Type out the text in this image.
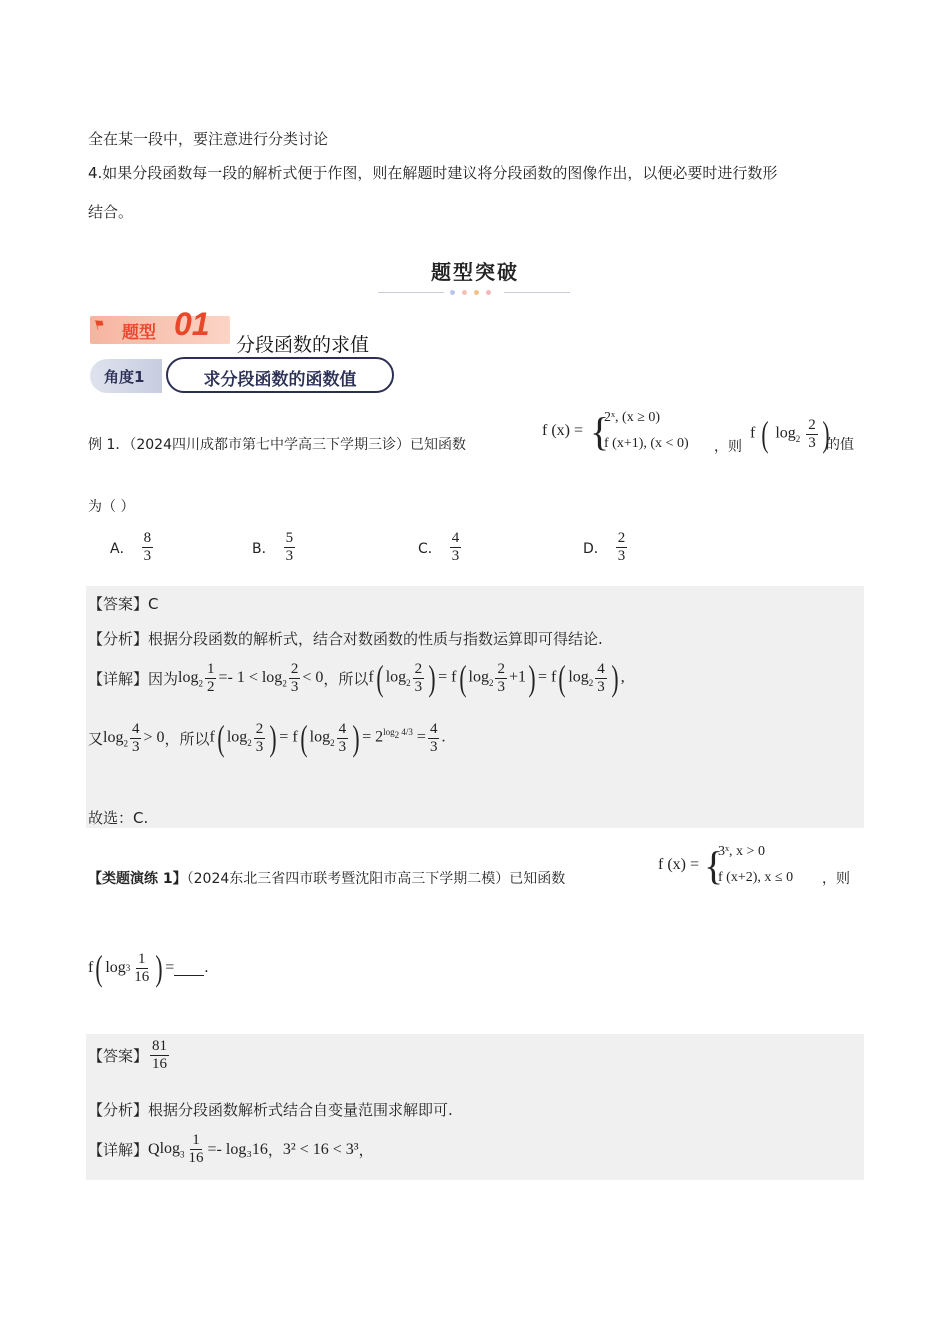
全在某一段中，要注意进行分类讨论
4.如果分段函数每一段的解析式便于作图，则在解题时建议将分段函数的图像作出，以便必要时进行数形
结合。
题型突破
⚑ 题型 01
分段函数的求值
角度1	求分段函数的函数值
例 1．（2024四川成都市第七中学高三下学期三诊）已知函数
f (x) = {
2ˣ, (x ≥ 0)
f (x+1), (x < 0) ，则
f ( $\log_2 \frac{2}{3}$ )
的值
为（ ）
A． $\frac{8}{3}$	B． $\frac{5}{3}$	C． $\frac{4}{3}$	D． $\frac{2}{3}$
【答案】C
【分析】根据分段函数的解析式，结合对数函数的性质与指数运算即可得结论.
【详解】 因为 $\log_2 \frac{1}{2} =- 1 < \log_2 \frac{2}{3} < 0$ ，所以 f( $\log_2 \frac{2}{3}$ ) = f( $\log_2 \frac{2}{3} +1) = f$( $\log_2 \frac{4}{3}$ ) ,
又 $\log_2 \frac{4}{3} > 0$ ，所以 f( $\log_2 \frac{2}{3}$ ) = f( $\log_2 \frac{4}{3}$ ) = $2^{log_2 4/3} = \frac{4}{3}$ .
故选：C.
【类题演练 1】（2024东北三省四市联考暨沈阳市高三下学期二模）已知函数
f (x) = {
3ˣ, x > 0
f (x+2), x ≤ 0 ，则
f ( $\log 3 \frac{1}{16}$ ) = .
【答案】 $\frac{81}{16}$
【分析】根据分段函数解析式结合自变量范围求解即可.
【详解】 Q $\log_3 \frac{1}{16} =- \log_316$ ， 3² < 16 < 3³ ，
